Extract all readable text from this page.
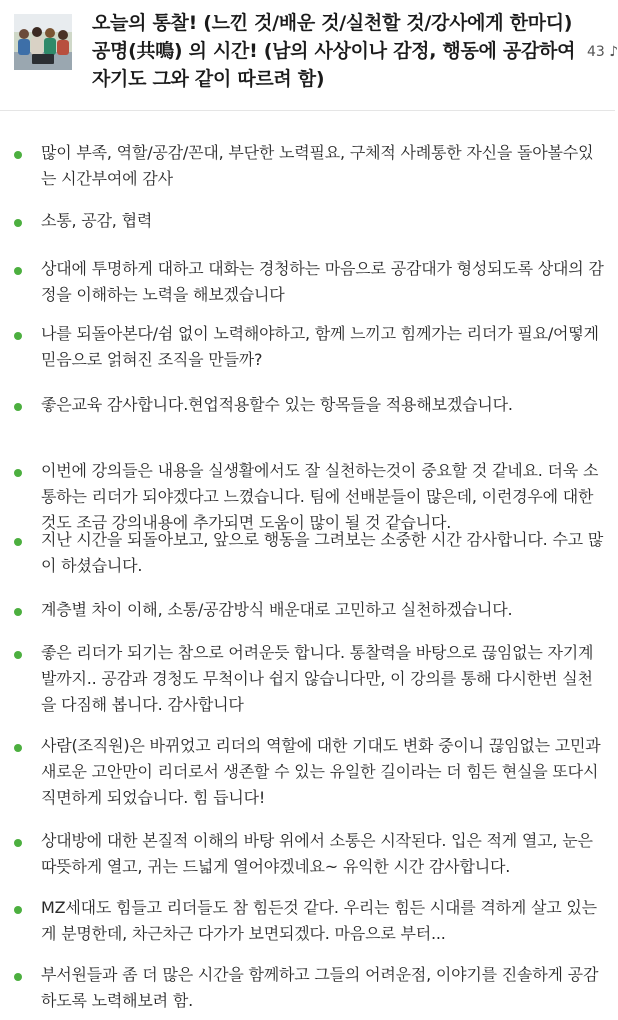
오늘의 통찰! (느낀 것/배운 것/실천할 것/강사에게 한마디) 공명(共鳴) 의 시간! (남의 사상이나 감정, 행동에 공감하여 자기도 그와 같이 따르려 함)
43 ♪
많이 부족, 역할/공감/꼰대, 부단한 노력필요, 구체적 사례통한 자신을 돌아볼수있는 시간부여에 감사
소통, 공감, 협력
상대에 투명하게 대하고 대화는 경청하는 마음으로 공감대가 형성되도록 상대의 감정을 이해하는 노력을 해보겠습니다
나를 되돌아본다/쉼 없이 노력해야하고, 함께 느끼고 힘께가는 리더가 필요/어떻게 믿음으로 얽혀진 조직을 만들까?
좋은교육 감사합니다.현업적용할수 있는 항목들을 적용해보겠습니다.
이번에 강의들은 내용을 실생활에서도 잘 실천하는것이 중요할 것 같네요. 더욱 소통하는 리더가 되야겠다고 느꼈습니다. 팀에 선배분들이 많은데, 이런경우에 대한 것도 조금 강의내용에 추가되면 도움이 많이 될 것 같습니다.
지난 시간을 되돌아보고, 앞으로 행동을 그려보는 소중한 시간 감사합니다. 수고 많이 하셨습니다.
계층별 차이 이해, 소통/공감방식 배운대로 고민하고 실천하겠습니다.
좋은 리더가 되기는 참으로 어려운듯 합니다. 통찰력을 바탕으로 끊임없는 자기계발까지.. 공감과 경청도 무척이나 쉽지 않습니다만, 이 강의를 통해 다시한번 실천을 다짐해 봅니다. 감사합니다
사람(조직원)은 바뀌었고 리더의 역할에 대한 기대도 변화 중이니 끊임없는 고민과 새로운 고안만이 리더로서 생존할 수 있는 유일한 길이라는 더 힘든 현실을 또다시 직면하게 되었습니다. 힘 듭니다!
상대방에 대한 본질적 이해의 바탕 위에서 소통은 시작된다. 입은 적게 열고, 눈은 따뜻하게 열고, 귀는 드넓게 열어야겠네요~ 유익한 시간 감사합니다.
MZ세대도 힘들고 리더들도 참 힘든것 같다. 우리는 힘든 시대를 격하게 살고 있는게 분명한데, 차근차근 다가가 보면되겠다. 마음으로 부터...
부서원들과 좀 더 많은 시간을 함께하고 그들의 어려운점, 이야기를 진솔하게 공감하도록 노력해보려 함.
